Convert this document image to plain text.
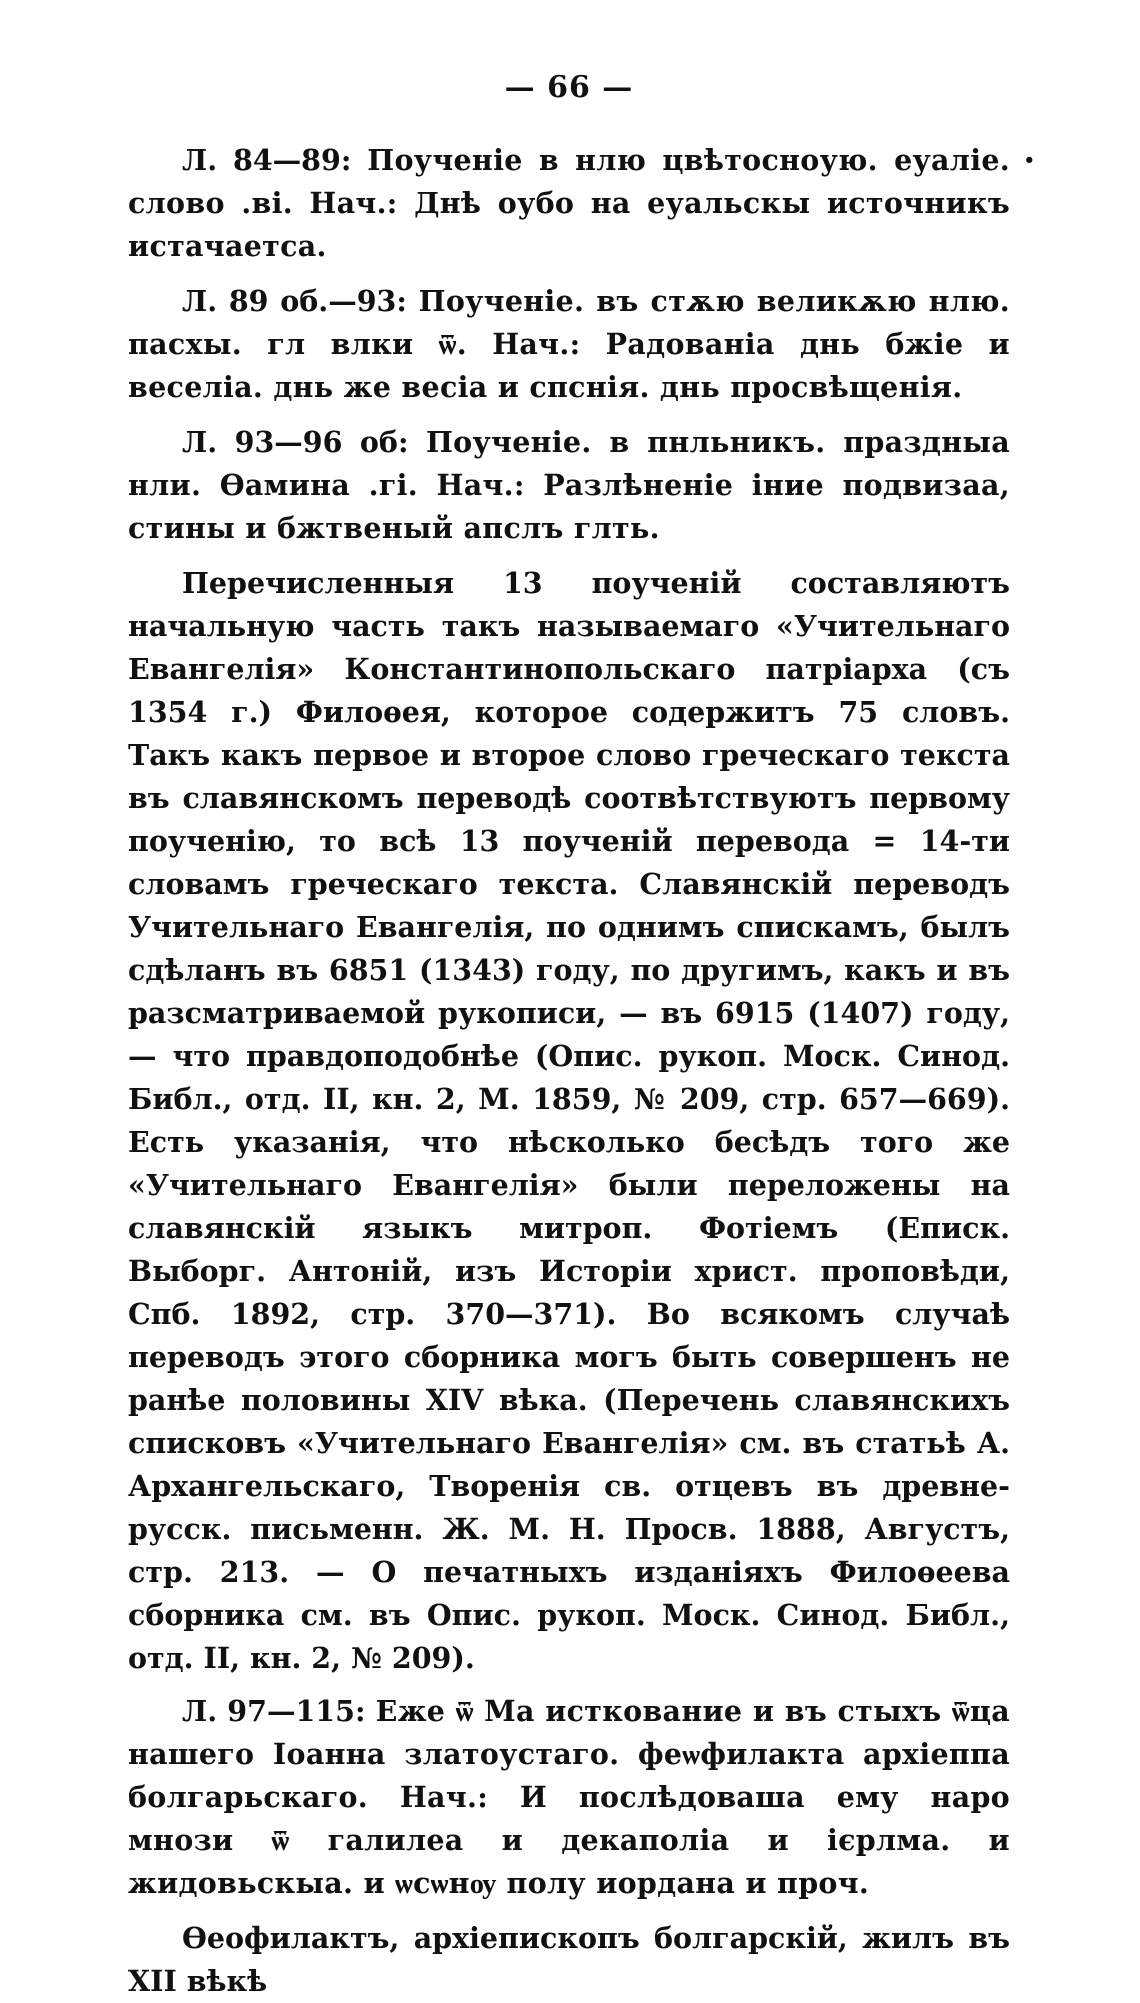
•
— 66 —

Л. 84—89: Поученіе в нлю цвѣтосноую. еуаліе. слово .ві. Нач.: Днѣ оубо на еуальскы источникъ истачаетса.

Л. 89 об.—93: Поученіе. въ стѫю великѫю нлю. пасхы. гл влки ѿ. Нач.: Радованіа днь бжіе и веселіа. днь же весіа и спснія. днь просвѣщенія.

Л. 93—96 об: Поученіе. в пнльникъ. праздныа нли. Ѳамина .гі. Нач.: Разлѣненіе іние подвизаа, стины и бжтвеный апслъ глть.

Перечисленныя 13 поученій составляютъ начальную часть такъ называемаго «Учительнаго Евангелія» Константинопольскаго патріарха (съ 1354 г.) Филоѳея, которое содержитъ 75 словъ. Такъ какъ первое и второе слово греческаго текста въ славянскомъ переводѣ соотвѣтствуютъ первому поученію, то всѣ 13 поученій перевода = 14-ти словамъ греческаго текста. Славянскій переводъ Учительнаго Евангелія, по однимъ спискамъ, былъ сдѣланъ въ 6851 (1343) году, по другимъ, какъ и въ разсматриваемой рукописи, — въ 6915 (1407) году, — что правдоподобнѣе (Опис. рукоп. Моск. Синод. Библ., отд. II, кн. 2, М. 1859, № 209, стр. 657—669). Есть указанія, что нѣсколько бесѣдъ того же «Учительнаго Евангелія» были переложены на славянскій языкъ митроп. Фотіемъ (Еписк. Выборг. Антоній, изъ Исторіи христ. проповѣди, Спб. 1892, стр. 370—371). Во всякомъ случаѣ переводъ этого сборника могъ быть совершенъ не ранѣе половины XIV вѣка. (Перечень славянскихъ списковъ «Учительнаго Евангелія» см. въ статьѣ А. Архангельскаго, Творенія св. отцевъ въ древне-русск. письменн. Ж. М. Н. Просв. 1888, Августъ, стр. 213. — О печатныхъ изданіяхъ Филоѳеева сборника см. въ Опис. рукоп. Моск. Синод. Библ., отд. II, кн. 2, № 209).

Л. 97—115: Еже ѿ Ма исткование и въ стыхъ ѿца нашего Іоанна златоустаго. феѡфилакта архіеппа болгарьскаго. Нач.: И послѣдоваша ему наро мнози ѿ галилеа и декаполіа и ієрлма. и жидовьскыа. и ѡсѡнѹ полу иордана и проч.

Ѳеофилактъ, архіепископъ болгарскій, жилъ въ XII вѣкѣ
